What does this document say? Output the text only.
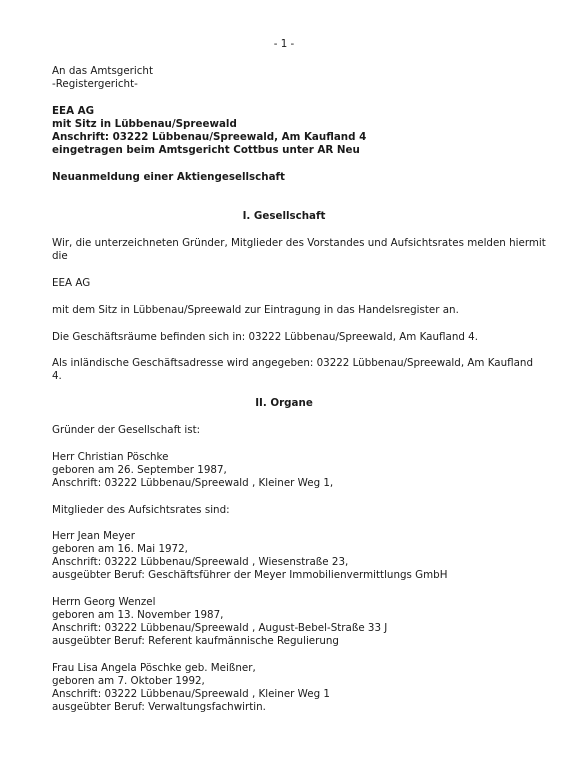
- 1 -
An das Amtsgericht
-Registergericht-
EEA AG
mit Sitz in Lübbenau/Spreewald
Anschrift: 03222 Lübbenau/Spreewald, Am Kaufland 4
eingetragen beim Amtsgericht Cottbus unter AR Neu
Neuanmeldung einer Aktiengesellschaft
I. Gesellschaft
Wir, die unterzeichneten Gründer, Mitglieder des Vorstandes und Aufsichtsrates melden hiermit
die
EEA AG
mit dem Sitz in Lübbenau/Spreewald zur Eintragung in das Handelsregister an.
Die Geschäftsräume befinden sich in: 03222 Lübbenau/Spreewald, Am Kaufland 4.
Als inländische Geschäftsadresse wird angegeben: 03222 Lübbenau/Spreewald, Am Kaufland
4.
II. Organe
Gründer der Gesellschaft ist:
Herr Christian Pöschke
geboren am 26. September 1987,
Anschrift: 03222 Lübbenau/Spreewald , Kleiner Weg 1,
Mitglieder des Aufsichtsrates sind:
Herr Jean Meyer
geboren am 16. Mai 1972,
Anschrift: 03222 Lübbenau/Spreewald , Wiesenstraße 23,
ausgeübter Beruf: Geschäftsführer der Meyer Immobilienvermittlungs GmbH
Herrn Georg Wenzel
geboren am 13. November 1987,
Anschrift: 03222 Lübbenau/Spreewald , August-Bebel-Straße 33 J
ausgeübter Beruf: Referent kaufmännische Regulierung
Frau Lisa Angela Pöschke geb. Meißner,
geboren am 7. Oktober 1992,
Anschrift: 03222 Lübbenau/Spreewald , Kleiner Weg 1
ausgeübter Beruf: Verwaltungsfachwirtin.
